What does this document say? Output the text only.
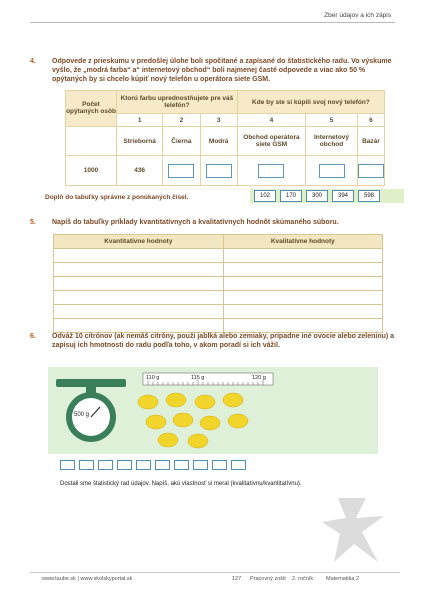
Zber údajov a ich zápis
4. Odpovede z prieskumu v predošlej úlohe boli spočítané a zapísané do štatistického radu. Vo výskume vyšlo, že „modrá farba“ a“ internetový obchod“ boli najmenej časté odpovede a viac ako 50 % opýtaných by si chcelo kúpiť nový telefón u operátora siete GSM.
Počet opýtaných osôb	Ktorú farbu uprednostňujete pre váš telefón?			Kde by ste si kúpili svoj nový telefón?		
	1	2	3	4	5	6
	Strieborná	Čierna	Modrá	Obchod operátora siete GSM	Internetový obchod	Bazár
1000	436					
Doplň do tabuľky správne z ponúkaných čísel.	102	170	300	394	598
5. Napíš do tabuľky príklady kvantitatívnych a kvalitatívnych hodnôt skúmaného súboru.
Kvantitatívne hodnoty	Kvalitatívne hodnoty

6. Odváž 10 citrónov (ak nemáš citróny, použi jablká alebo zemiaky, prípadne iné ovocie alebo zeleninu) a zapisuj ich hmotnosti do radu podľa toho, v akom poradí si ich vážil.
500 g
110 g	115 g	120 g
Dostali sme štatistický rad údajov. Napíš, akú vlastnosť si meral (kvalitatívnu/kvantitatívnu).
www.taube.sk | www.skolskyportal.sk	127 Pracovný zošit 2. ročník Matematika 2
